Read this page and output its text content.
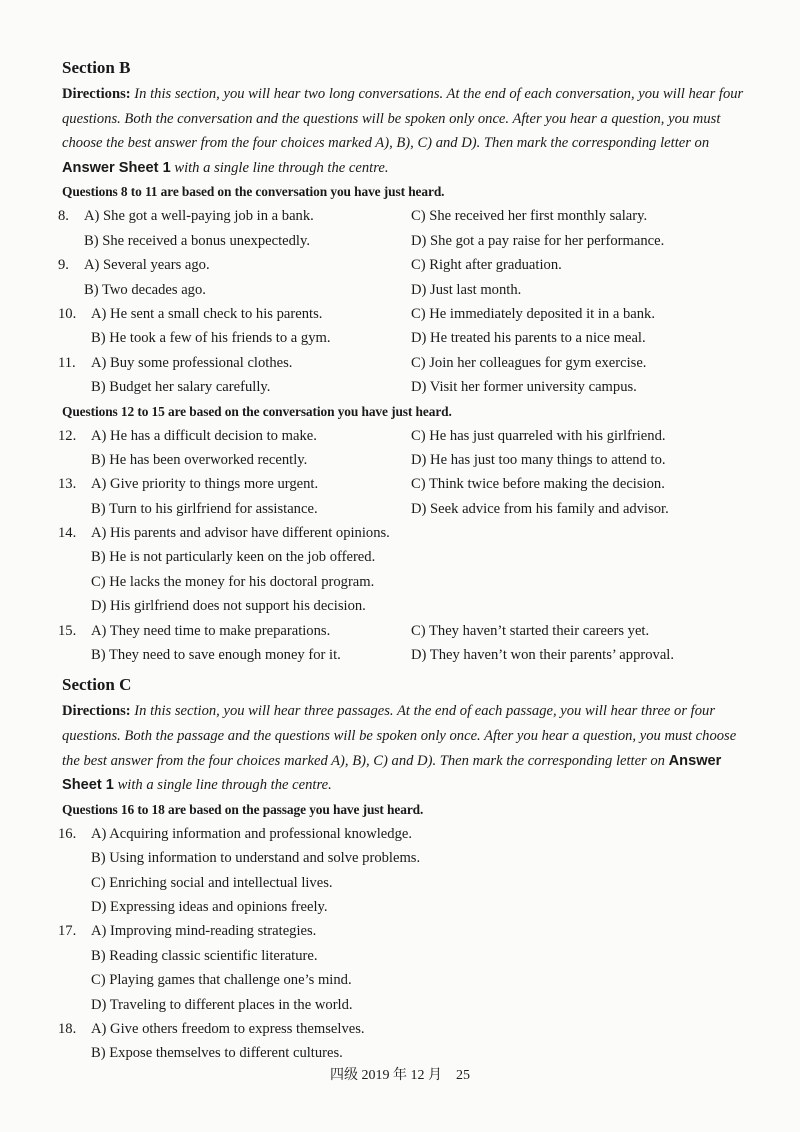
Section B

Directions: In this section, you will hear two long conversations. At the end of each conversation, you will hear four questions. Both the conversation and the questions will be spoken only once. After you hear a question, you must choose the best answer from the four choices marked A), B), C) and D). Then mark the corresponding letter on Answer Sheet 1 with a single line through the centre.

Questions 8 to 11 are based on the conversation you have just heard.

8. A) She got a well-paying job in a bank.	C) She received her first monthly salary.
B) She received a bonus unexpectedly.	D) She got a pay raise for her performance.
9. A) Several years ago.	C) Right after graduation.
B) Two decades ago.	D) Just last month.
10. A) He sent a small check to his parents.	C) He immediately deposited it in a bank.
B) He took a few of his friends to a gym.	D) He treated his parents to a nice meal.
11. A) Buy some professional clothes.	C) Join her colleagues for gym exercise.
B) Budget her salary carefully.	D) Visit her former university campus.

Questions 12 to 15 are based on the conversation you have just heard.

12. A) He has a difficult decision to make.	C) He has just quarreled with his girlfriend.
B) He has been overworked recently.	D) He has just too many things to attend to.
13. A) Give priority to things more urgent.	C) Think twice before making the decision.
B) Turn to his girlfriend for assistance.	D) Seek advice from his family and advisor.
14. A) His parents and advisor have different opinions.
B) He is not particularly keen on the job offered.
C) He lacks the money for his doctoral program.
D) His girlfriend does not support his decision.
15. A) They need time to make preparations.	C) They haven’t started their careers yet.
B) They need to save enough money for it.	D) They haven’t won their parents’ approval.
Section C

Directions: In this section, you will hear three passages. At the end of each passage, you will hear three or four questions. Both the passage and the questions will be spoken only once. After you hear a question, you must choose the best answer from the four choices marked A), B), C) and D). Then mark the corresponding letter on Answer Sheet 1 with a single line through the centre.

Questions 16 to 18 are based on the passage you have just heard.

16. A) Acquiring information and professional knowledge.
B) Using information to understand and solve problems.
C) Enriching social and intellectual lives.
D) Expressing ideas and opinions freely.
17. A) Improving mind-reading strategies.
B) Reading classic scientific literature.
C) Playing games that challenge one’s mind.
D) Traveling to different places in the world.
18. A) Give others freedom to express themselves.
B) Expose themselves to different cultures.
四级 2019 年 12 月　25
